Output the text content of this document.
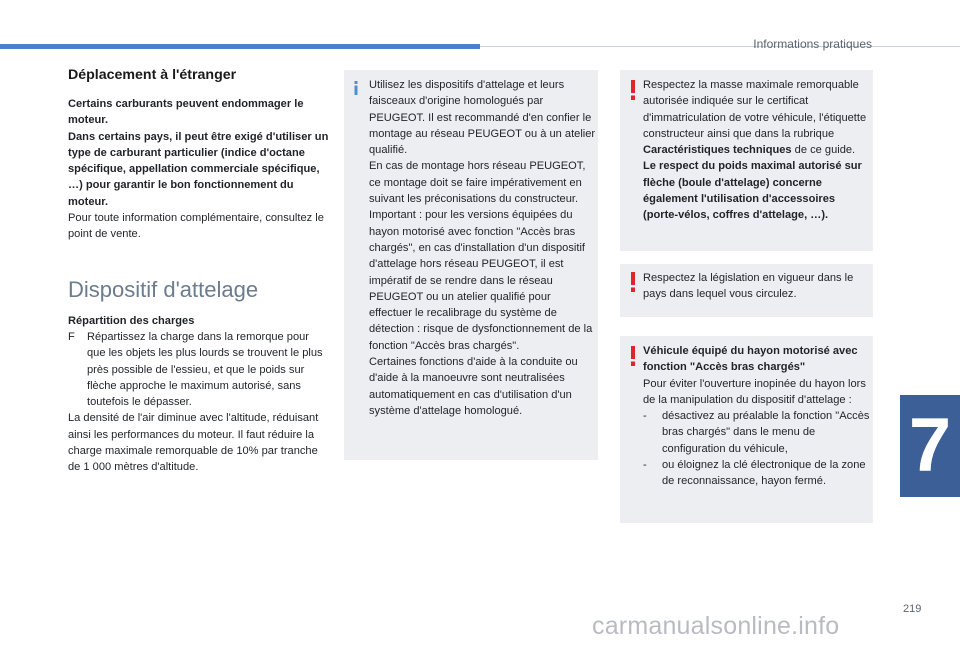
Informations pratiques
Déplacement à l'étranger

Certains carburants peuvent endommager le moteur.
Dans certains pays, il peut être exigé d'utiliser un type de carburant particulier (indice d'octane spécifique, appellation commerciale spécifique, …) pour garantir le bon fonctionnement du moteur.

Pour toute information complémentaire, consultez le point de vente.

Dispositif d'attelage

Répartition des charges

F	Répartissez la charge dans la remorque pour que les objets les plus lourds se trouvent le plus près possible de l'essieu, et que le poids sur flèche approche le maximum autorisé, sans toutefois le dépasser.

La densité de l'air diminue avec l'altitude, réduisant ainsi les performances du moteur. Il faut réduire la charge maximale remorquable de 10% par tranche de 1 000 mètres d'altitude.

Utilisez les dispositifs d'attelage et leurs faisceaux d'origine homologués par PEUGEOT. Il est recommandé d'en confier le montage au réseau PEUGEOT ou à un atelier qualifié.
En cas de montage hors réseau PEUGEOT, ce montage doit se faire impérativement en suivant les préconisations du constructeur.
Important : pour les versions équipées du hayon motorisé avec fonction "Accès bras chargés", en cas d'installation d'un dispositif d'attelage hors réseau PEUGEOT, il est impératif de se rendre dans le réseau PEUGEOT ou un atelier qualifié pour effectuer le recalibrage du système de détection : risque de dysfonctionnement de la fonction "Accès bras chargés".
Certaines fonctions d'aide à la conduite ou d'aide à la manoeuvre sont neutralisées automatiquement en cas d'utilisation d'un système d'attelage homologué.

Respectez la masse maximale remorquable autorisée indiquée sur le certificat d'immatriculation de votre véhicule, l'étiquette constructeur ainsi que dans la rubrique Caractéristiques techniques de ce guide.
Le respect du poids maximal autorisé sur flèche (boule d'attelage) concerne également l'utilisation d'accessoires (porte-vélos, coffres d'attelage, …).

Respectez la législation en vigueur dans le pays dans lequel vous circulez.

Véhicule équipé du hayon motorisé avec fonction "Accès bras chargés"

Pour éviter l'ouverture inopinée du hayon lors de la manipulation du dispositif d'attelage :

-	désactivez au préalable la fonction "Accès bras chargés" dans le menu de configuration du véhicule,
-	ou éloignez la clé électronique de la zone de reconnaissance, hayon fermé.	7
219
carmanualsonline.info
